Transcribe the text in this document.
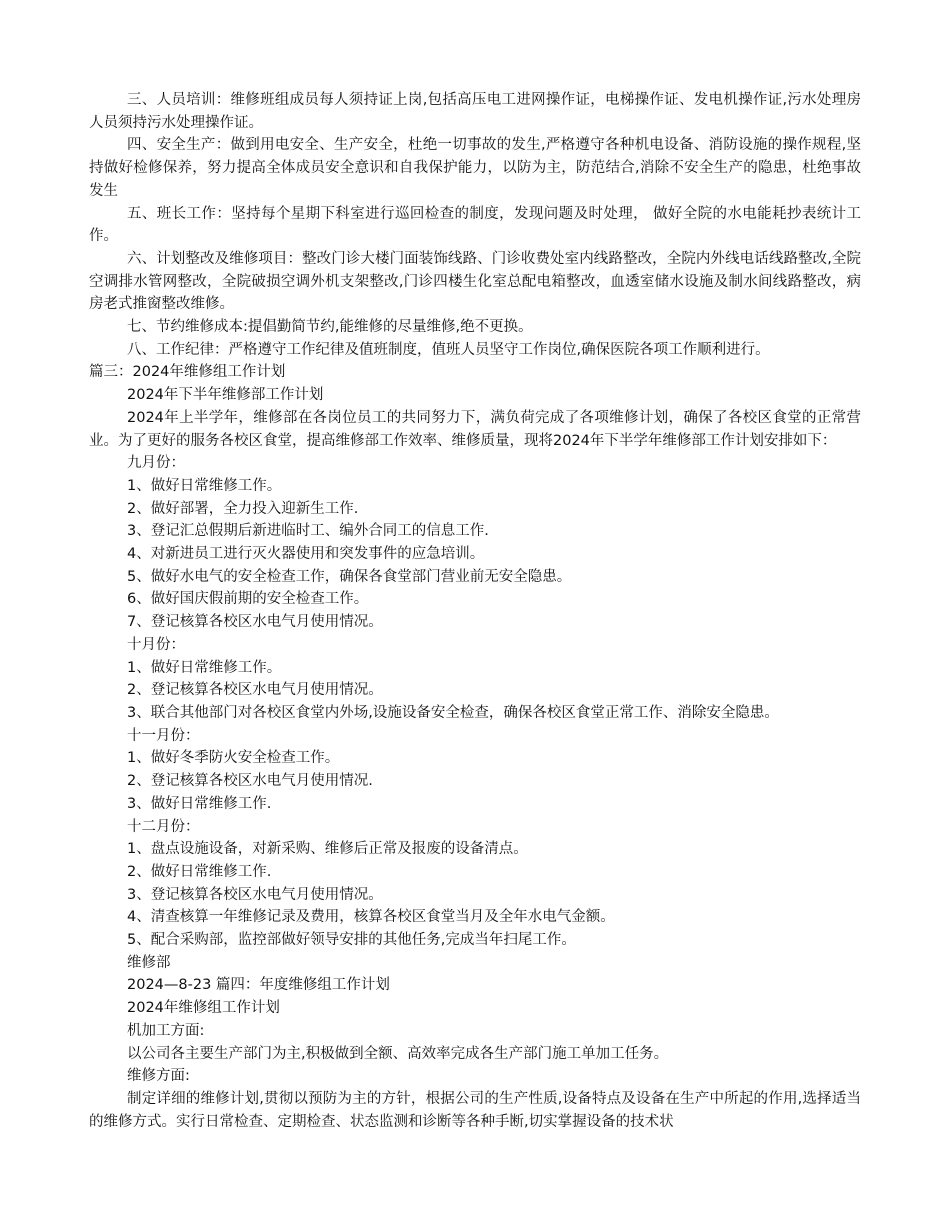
三、人员培训：维修班组成员每人须持证上岗,包括高压电工进网操作证，电梯操作证、发电机操作证,污水处理房人员须持污水处理操作证。

四、安全生产：做到用电安全、生产安全，杜绝一切事故的发生,严格遵守各种机电设备、消防设施的操作规程,坚持做好检修保养，努力提高全体成员安全意识和自我保护能力，以防为主，防范结合,消除不安全生产的隐患，杜绝事故发生

五、班长工作：坚持每个星期下科室进行巡回检查的制度，发现问题及时处理， 做好全院的水电能耗抄表统计工作。

六、计划整改及维修项目：整改门诊大楼门面装饰线路、门诊收费处室内线路整改，全院内外线电话线路整改,全院空调排水管网整改，全院破损空调外机支架整改,门诊四楼生化室总配电箱整改，血透室储水设施及制水间线路整改，病房老式推窗整改维修。

七、节约维修成本:提倡勤简节约,能维修的尽量维修,绝不更换。

八、工作纪律：严格遵守工作纪律及值班制度，值班人员坚守工作岗位,确保医院各项工作顺利进行。

篇三：2024年维修组工作计划

2024年下半年维修部工作计划

2024年上半学年，维修部在各岗位员工的共同努力下，满负荷完成了各项维修计划，确保了各校区食堂的正常营业。为了更好的服务各校区食堂，提高维修部工作效率、维修质量，现将2024年下半学年维修部工作计划安排如下：

九月份：

1、做好日常维修工作。

2、做好部署，全力投入迎新生工作.

3、登记汇总假期后新进临时工、编外合同工的信息工作.

4、对新进员工进行灭火器使用和突发事件的应急培训。

5、做好水电气的安全检查工作，确保各食堂部门营业前无安全隐患。

6、做好国庆假前期的安全检查工作。

7、登记核算各校区水电气月使用情况。

十月份：

1、做好日常维修工作。

2、登记核算各校区水电气月使用情况。

3、联合其他部门对各校区食堂内外场,设施设备安全检查，确保各校区食堂正常工作、消除安全隐患。

十一月份：

1、做好冬季防火安全检查工作。

2、登记核算各校区水电气月使用情况.

3、做好日常维修工作.

十二月份：

1、盘点设施设备，对新采购、维修后正常及报废的设备清点。

2、做好日常维修工作.

3、登记核算各校区水电气月使用情况。

4、清查核算一年维修记录及费用，核算各校区食堂当月及全年水电气金额。

5、配合采购部，监控部做好领导安排的其他任务,完成当年扫尾工作。

维修部

2024—8-23 篇四：年度维修组工作计划

2024年维修组工作计划

机加工方面:

以公司各主要生产部门为主,积极做到全额、高效率完成各生产部门施工单加工任务。

维修方面:

制定详细的维修计划,贯彻以预防为主的方针，根据公司的生产性质,设备特点及设备在生产中所起的作用,选择适当的维修方式。实行日常检查、定期检查、状态监测和诊断等各种手断,切实掌握设备的技术状
